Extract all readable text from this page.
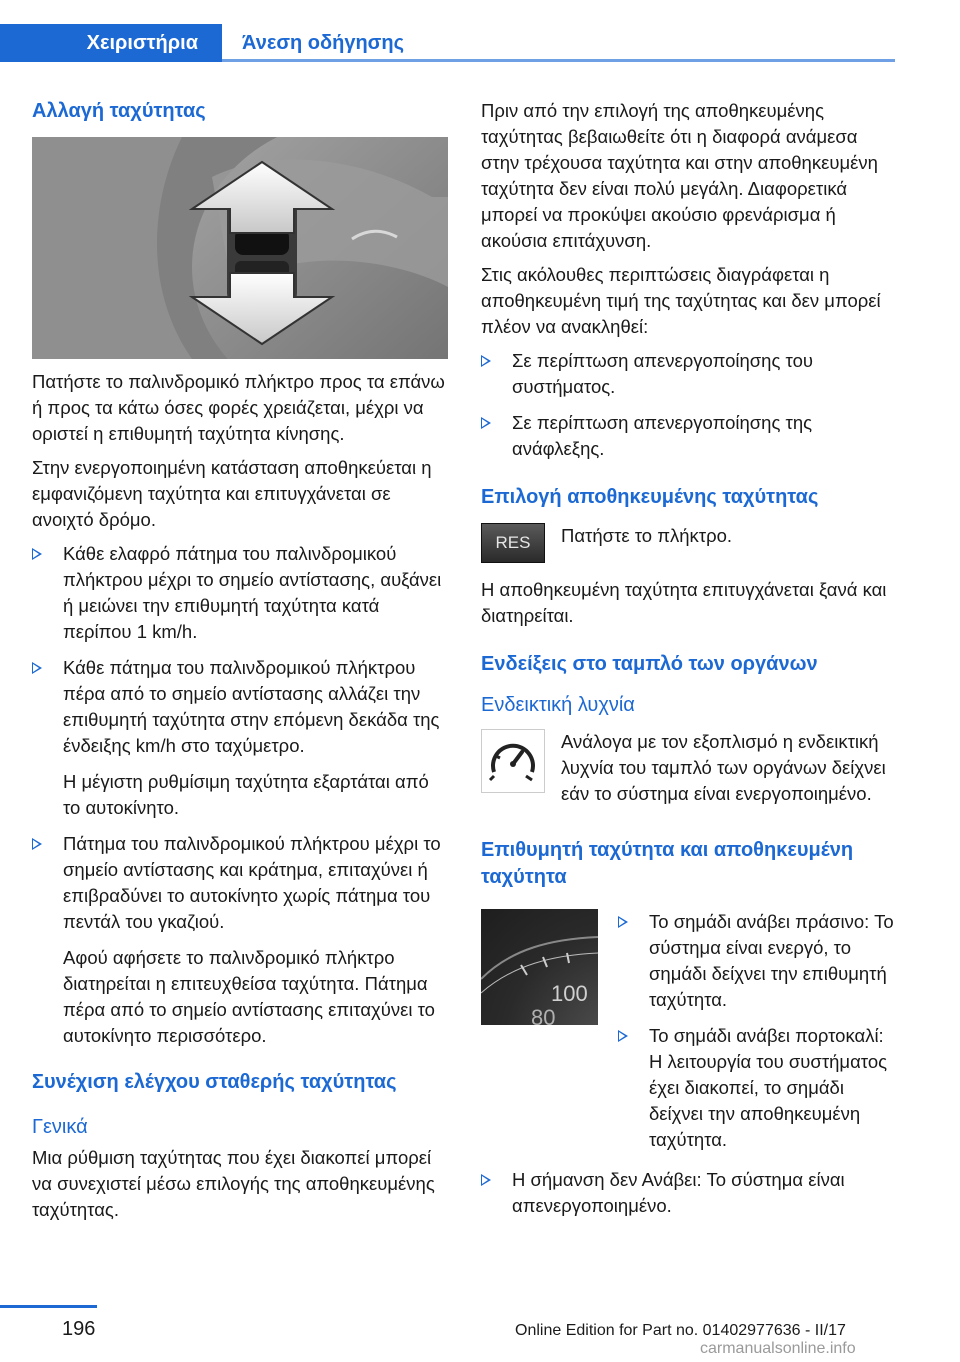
Χειριστήρια	Άνεση οδήγησης
Αλλαγή ταχύτητας

Πατήστε το παλινδρομικό πλήκτρο προς τα επάνω ή προς τα κάτω όσες φορές χρειάζεται, μέχρι να οριστεί η επιθυμητή ταχύτητα κίνησης.

Στην ενεργοποιημένη κατάσταση αποθηκεύεται η εμφανιζόμενη ταχύτητα και επιτυγχάνεται σε ανοιχτό δρόμο.

Κάθε ελαφρό πάτημα του παλινδρομικού πλήκτρου μέχρι το σημείο αντίστασης, αυξάνει ή μειώνει την επιθυμητή ταχύτητα κατά περίπου 1 km/h.
Κάθε πάτημα του παλινδρομικού πλήκτρου πέρα από το σημείο αντίστασης αλλάζει την επιθυμητή ταχύτητα στην επόμενη δεκάδα της ένδειξης km/h στο ταχύμετρο.
Η μέγιστη ρυθμίσιμη ταχύτητα εξαρτάται από το αυτοκίνητο.
Πάτημα του παλινδρομικού πλήκτρου μέχρι το σημείο αντίστασης και κράτημα, επιταχύνει ή επιβραδύνει το αυτοκίνητο χωρίς πάτημα του πεντάλ του γκαζιού.
Αφού αφήσετε το παλινδρομικό πλήκτρο διατηρείται η επιτευχθείσα ταχύτητα. Πάτημα πέρα από το σημείο αντίστασης επιταχύνει το αυτοκίνητο περισσότερο.
Συνέχιση ελέγχου σταθερής ταχύτητας
Γενικά

Μια ρύθμιση ταχύτητας που έχει διακοπεί μπορεί να συνεχιστεί μέσω επιλογής της αποθηκευμένης ταχύτητας.

Πριν από την επιλογή της αποθηκευμένης ταχύτητας βεβαιωθείτε ότι η διαφορά ανάμεσα στην τρέχουσα ταχύτητα και στην αποθηκευμένη ταχύτητα δεν είναι πολύ μεγάλη. Διαφορετικά μπορεί να προκύψει ακούσιο φρενάρισμα ή ακούσια επιτάχυνση.

Στις ακόλουθες περιπτώσεις διαγράφεται η αποθηκευμένη τιμή της ταχύτητας και δεν μπορεί πλέον να ανακληθεί:

Σε περίπτωση απενεργοποίησης του συστήματος.
Σε περίπτωση απενεργοποίησης της ανάφλεξης.
Επιλογή αποθηκευμένης ταχύτητας
RES	Πατήστε το πλήκτρο.

Η αποθηκευμένη ταχύτητα επιτυγχάνεται ξανά και διατηρείται.

Ενδείξεις στο ταμπλό των οργάνων
Ενδεικτική λυχνία
Ανάλογα με τον εξοπλισμό η ενδεικτική λυχνία του ταμπλό των οργάνων δείχνει εάν το σύστημα είναι ενεργοποιημένο.
Επιθυμητή ταχύτητα και αποθηκευμένη ταχύτητα
100
80
Το σημάδι ανάβει πράσινο: Το σύστημα είναι ενεργό, το σημάδι δείχνει την επιθυμητή ταχύτητα.
Το σημάδι ανάβει πορτοκαλί: Η λειτουργία του συστήματος έχει διακοπεί, το σημάδι δείχνει την αποθηκευμένη ταχύτητα.
Η σήμανση δεν Ανάβει: Το σύστημα είναι απενεργοποιημένο.
196	Online Edition for Part no. 01402977636 - II/17
carmanualsonline.info
